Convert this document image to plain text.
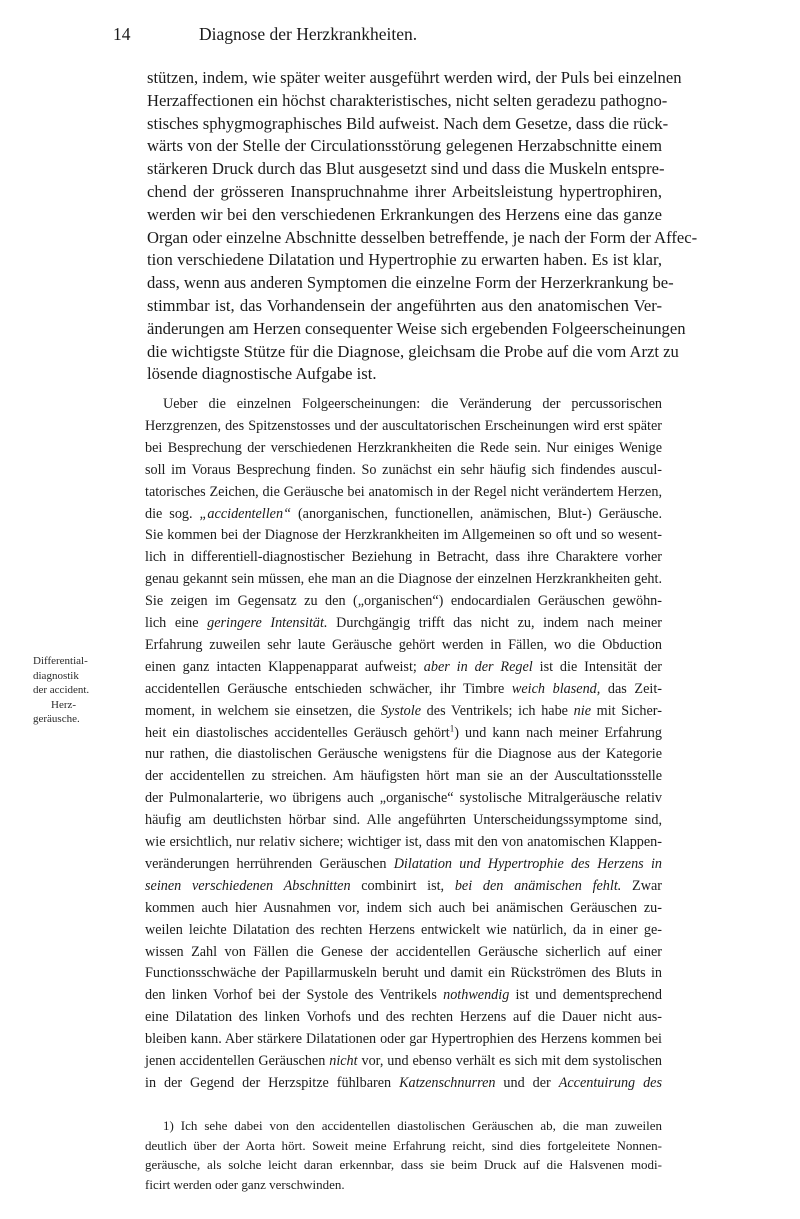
14	Diagnose der Herzkrankheiten.
stützen, indem, wie später weiter ausgeführt werden wird, der Puls bei einzelnen
Herzaffectionen ein höchst charakteristisches, nicht selten geradezu pathogno-
stisches sphygmographisches Bild aufweist. Nach dem Gesetze, dass die rück-
wärts von der Stelle der Circulationsstörung gelegenen Herzabschnitte einem
stärkeren Druck durch das Blut ausgesetzt sind und dass die Muskeln entspre-
chend der grösseren Inanspruchnahme ihrer Arbeitsleistung hypertrophiren,
werden wir bei den verschiedenen Erkrankungen des Herzens eine das ganze
Organ oder einzelne Abschnitte desselben betreffende, je nach der Form der Affec-
tion verschiedene Dilatation und Hypertrophie zu erwarten haben. Es ist klar,
dass, wenn aus anderen Symptomen die einzelne Form der Herzerkrankung be-
stimmbar ist, das Vorhandensein der angeführten aus den anatomischen Ver-
änderungen am Herzen consequenter Weise sich ergebenden Folgeerscheinungen
die wichtigste Stütze für die Diagnose, gleichsam die Probe auf die vom Arzt zu
lösende diagnostische Aufgabe ist.
Ueber die einzelnen Folgeerscheinungen: die Veränderung der percussorischen
Herzgrenzen, des Spitzenstosses und der auscultatorischen Erscheinungen wird erst später
bei Besprechung der verschiedenen Herzkrankheiten die Rede sein. Nur einiges Wenige
soll im Voraus Besprechung finden. So zunächst ein sehr häufig sich findendes auscul-
tatorisches Zeichen, die Geräusche bei anatomisch in der Regel nicht verändertem Herzen,
die sog. „accidentellen“ (anorganischen, functionellen, anämischen, Blut-) Geräusche.
Sie kommen bei der Diagnose der Herzkrankheiten im Allgemeinen so oft und so wesent-
lich in differentiell-diagnostischer Beziehung in Betracht, dass ihre Charaktere vorher
genau gekannt sein müssen, ehe man an die Diagnose der einzelnen Herzkrankheiten geht.
Sie zeigen im Gegensatz zu den („organischen“) endocardialen Geräuschen gewöhn-
lich eine geringere Intensität. Durchgängig trifft das nicht zu, indem nach meiner
Erfahrung zuweilen sehr laute Geräusche gehört werden in Fällen, wo die Obduction
einen ganz intacten Klappenapparat aufweist; aber in der Regel ist die Intensität der
accidentellen Geräusche entschieden schwächer, ihr Timbre weich blasend, das Zeit-
moment, in welchem sie einsetzen, die Systole des Ventrikels; ich habe nie mit Sicher-
heit ein diastolisches accidentelles Geräusch gehört$^1$) und kann nach meiner Erfahrung
nur rathen, die diastolischen Geräusche wenigstens für die Diagnose aus der Kategorie
der accidentellen zu streichen. Am häufigsten hört man sie an der Auscultationsstelle
der Pulmonalarterie, wo übrigens auch „organische“ systolische Mitralgeräusche relativ
häufig am deutlichsten hörbar sind. Alle angeführten Unterscheidungssymptome sind,
wie ersichtlich, nur relativ sichere; wichtiger ist, dass mit den von anatomischen Klappen-
veränderungen herrührenden Geräuschen Dilatation und Hypertrophie des Herzens in
seinen verschiedenen Abschnitten combinirt ist, bei den anämischen fehlt. Zwar
kommen auch hier Ausnahmen vor, indem sich auch bei anämischen Geräuschen zu-
weilen leichte Dilatation des rechten Herzens entwickelt wie natürlich, da in einer ge-
wissen Zahl von Fällen die Genese der accidentellen Geräusche sicherlich auf einer
Functionsschwäche der Papillarmuskeln beruht und damit ein Rückströmen des Bluts in
den linken Vorhof bei der Systole des Ventrikels nothwendig ist und dementsprechend
eine Dilatation des linken Vorhofs und des rechten Herzens auf die Dauer nicht aus-
bleiben kann. Aber stärkere Dilatationen oder gar Hypertrophien des Herzens kommen bei
jenen accidentellen Geräuschen nicht vor, und ebenso verhält es sich mit dem systolischen
in der Gegend der Herzspitze fühlbaren Katzenschnurren und der Accentuirung des
Differential-
diagnostik
der accident.
Herz-
geräusche.
1) Ich sehe dabei von den accidentellen diastolischen Geräuschen ab, die man zuweilen
deutlich über der Aorta hört. Soweit meine Erfahrung reicht, sind dies fortgeleitete Nonnen-
geräusche, als solche leicht daran erkennbar, dass sie beim Druck auf die Halsvenen modi-
ficirt werden oder ganz verschwinden.
